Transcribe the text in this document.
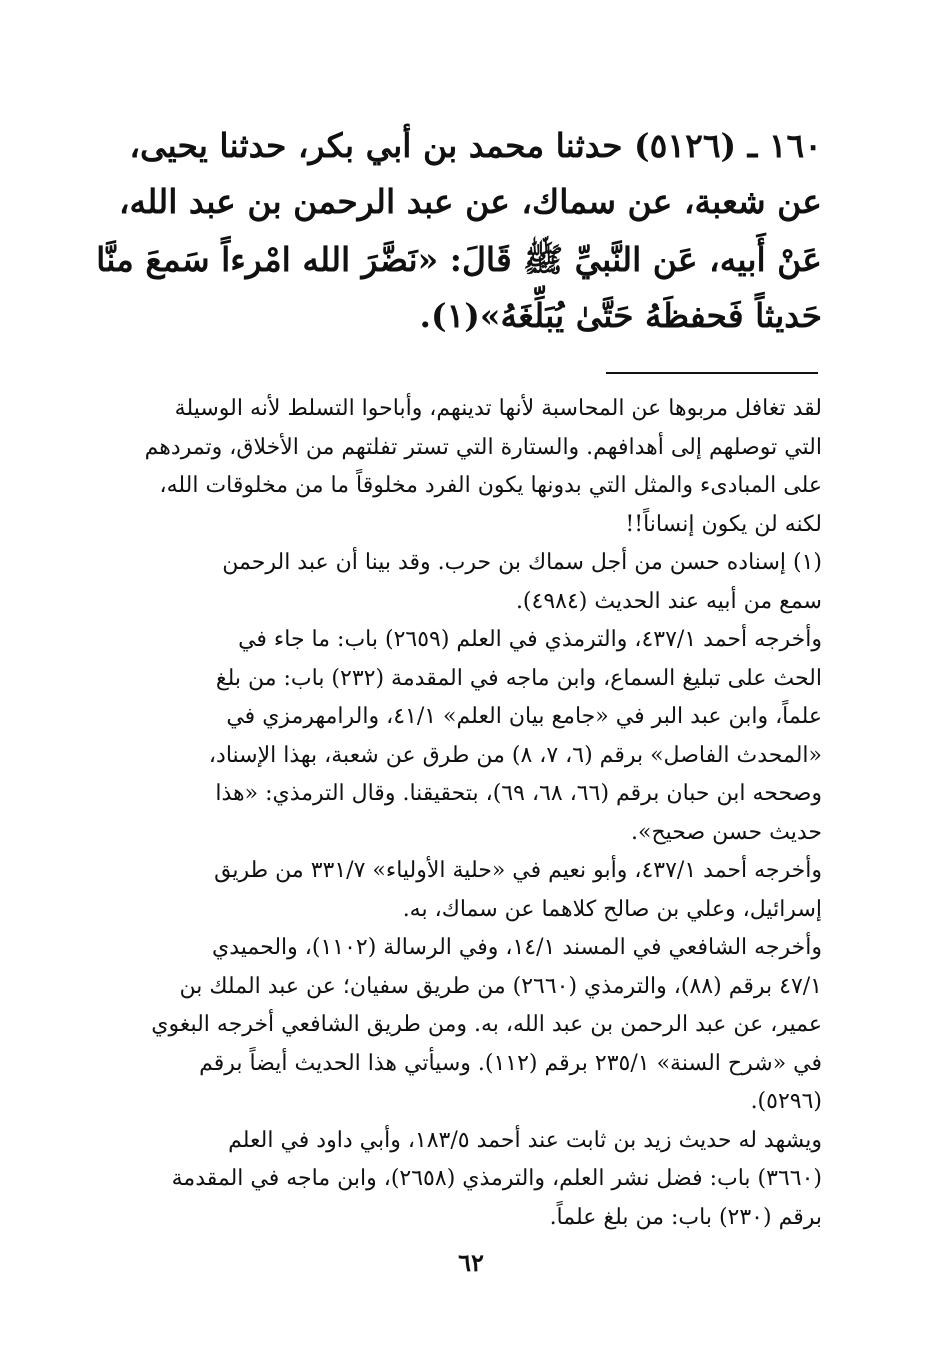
١٦٠ ـ (٥١٢٦) حدثنا محمد بن أبي بكر، حدثنا يحيى،
عن شعبة، عن سماك، عن عبد الرحمن بن عبد الله،
عَنْ أَبيه، عَن النَّبيِّ ﷺ قَالَ: «نَضَّرَ الله امْرءاً سَمعَ منَّا
حَديثاً فَحفظَهُ حَتَّىٰ يُبَلِّغَهُ»(١).
لقد تغافل مربوها عن المحاسبة لأنها تدينهم، وأباحوا التسلط لأنه الوسيلة
التي توصلهم إلى أهدافهم. والستارة التي تستر تفلتهم من الأخلاق، وتمردهم
على المبادىء والمثل التي بدونها يكون الفرد مخلوقاً ما من مخلوقات الله،
لكنه لن يكون إنساناً!!
(١) إسناده حسن من أجل سماك بن حرب. وقد بينا أن عبد الرحمن
سمع من أبيه عند الحديث (٤٩٨٤).
وأخرجه أحمد ٤٣٧/١، والترمذي في العلم (٢٦٥٩) باب: ما جاء في
الحث على تبليغ السماع، وابن ماجه في المقدمة (٢٣٢) باب: من بلغ
علماً، وابن عبد البر في «جامع بيان العلم» ٤١/١، والرامهرمزي في
«المحدث الفاصل» برقم (٦، ٧، ٨) من طرق عن شعبة، بهذا الإسناد،
وصححه ابن حبان برقم (٦٦، ٦٨، ٦٩)، بتحقيقنا. وقال الترمذي: «هذا
حديث حسن صحيح».
وأخرجه أحمد ٤٣٧/١، وأبو نعيم في «حلية الأولياء» ٣٣١/٧ من طريق
إسرائيل، وعلي بن صالح كلاهما عن سماك، به.
وأخرجه الشافعي في المسند ١٤/١، وفي الرسالة (١١٠٢)، والحميدي
٤٧/١ برقم (٨٨)، والترمذي (٢٦٦٠) من طريق سفيان؛ عن عبد الملك بن
عمير، عن عبد الرحمن بن عبد الله، به. ومن طريق الشافعي أخرجه البغوي
في «شرح السنة» ٢٣٥/١ برقم (١١٢). وسيأتي هذا الحديث أيضاً برقم
(٥٢٩٦).
ويشهد له حديث زيد بن ثابت عند أحمد ١٨٣/٥، وأبي داود في العلم
(٣٦٦٠) باب: فضل نشر العلم، والترمذي (٢٦٥٨)، وابن ماجه في المقدمة
برقم (٢٣٠) باب: من بلغ علماً.
٦٢
